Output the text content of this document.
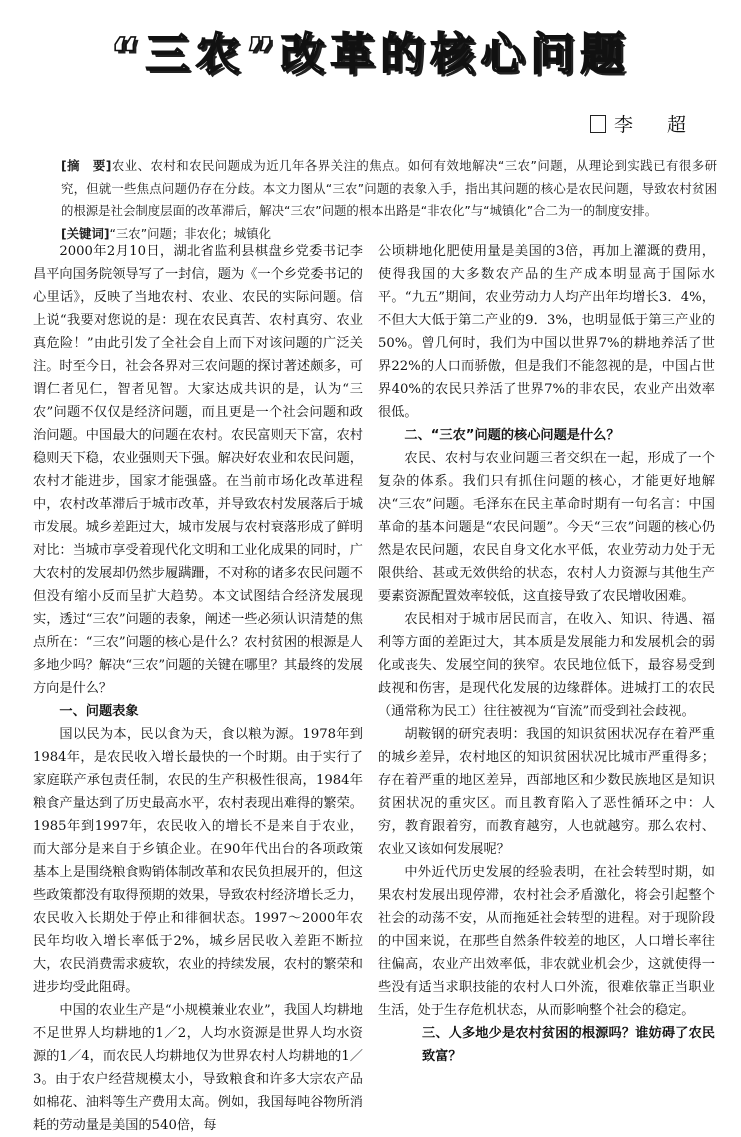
“三农”改革的核心问题
李 超

[摘　要]农业、农村和农民问题成为近几年各界关注的焦点。如何有效地解决“三农”问题，从理论到实践已有很多研究，但就一些焦点问题仍存在分歧。本文力图从“三农”问题的表象入手，指出其问题的核心是农民问题，导致农村贫困的根源是社会制度层面的改革滞后，解决“三农”问题的根本出路是“非农化”与“城镇化”合二为一的制度安排。

[关键词]“三农”问题；非农化；城镇化

2000年2月10日，湖北省监利县棋盘乡党委书记李昌平向国务院领导写了一封信，题为《一个乡党委书记的心里话》，反映了当地农村、农业、农民的实际问题。信上说“我要对您说的是：现在农民真苦、农村真穷、农业真危险！”由此引发了全社会自上而下对该问题的广泛关注。时至今日，社会各界对三农问题的探讨著述颇多，可谓仁者见仁，智者见智。大家达成共识的是，认为“三农”问题不仅仅是经济问题，而且更是一个社会问题和政治问题。中国最大的问题在农村。农民富则天下富，农村稳则天下稳，农业强则天下强。解决好农业和农民问题，农村才能进步，国家才能强盛。在当前市场化改革进程中，农村改革滞后于城市改革，并导致农村发展落后于城市发展。城乡差距过大，城市发展与农村衰落形成了鲜明对比：当城市享受着现代化文明和工业化成果的同时，广大农村的发展却仍然步履蹒跚，不对称的诸多农民问题不但没有缩小反而呈扩大趋势。本文试图结合经济发展现实，透过“三农”问题的表象，阐述一些必须认识清楚的焦点所在：“三农”问题的核心是什么？农村贫困的根源是人多地少吗？解决“三农”问题的关键在哪里？其最终的发展方向是什么？

一、问题表象

国以民为本，民以食为天，食以粮为源。1978年到1984年，是农民收入增长最快的一个时期。由于实行了家庭联产承包责任制，农民的生产积极性很高，1984年粮食产量达到了历史最高水平，农村表现出难得的繁荣。1985年到1997年，农民收入的增长不是来自于农业，而大部分是来自于乡镇企业。在90年代出台的各项政策基本上是围绕粮食购销体制改革和农民负担展开的，但这些政策都没有取得预期的效果，导致农村经济增长乏力，农民收入长期处于停止和徘徊状态。1997～2000年农民年均收入增长率低于2%，城乡居民收入差距不断拉大，农民消费需求疲软，农业的持续发展，农村的繁荣和进步均受此阻碍。

中国的农业生产是“小规模兼业农业”，我国人均耕地不足世界人均耕地的1／2，人均水资源是世界人均水资源的1／4，而农民人均耕地仅为世界农村人均耕地的1／3。由于农户经营规模太小，导致粮食和许多大宗农产品如棉花、油料等生产费用太高。例如，我国每吨谷物所消耗的劳动量是美国的540倍，每

公顷耕地化肥使用量是美国的3倍，再加上灌溉的费用，使得我国的大多数农产品的生产成本明显高于国际水平。“九五”期间，农业劳动力人均产出年均增长3．4%，不但大大低于第二产业的9．3%，也明显低于第三产业的50%。曾几何时，我们为中国以世界7%的耕地养活了世界22%的人口而骄傲，但是我们不能忽视的是，中国占世界40%的农民只养活了世界7%的非农民，农业产出效率很低。

二、“三农”问题的核心问题是什么？

农民、农村与农业问题三者交织在一起，形成了一个复杂的体系。我们只有抓住问题的核心，才能更好地解决“三农”问题。毛泽东在民主革命时期有一句名言：中国革命的基本问题是“农民问题”。今天“三农”问题的核心仍然是农民问题，农民自身文化水平低，农业劳动力处于无限供给、甚或无效供给的状态，农村人力资源与其他生产要素资源配置效率较低，这直接导致了农民增收困难。

农民相对于城市居民而言，在收入、知识、待遇、福利等方面的差距过大，其本质是发展能力和发展机会的弱化或丧失、发展空间的狭窄。农民地位低下，最容易受到歧视和伤害，是现代化发展的边缘群体。进城打工的农民（通常称为民工）往往被视为“盲流”而受到社会歧视。

胡鞍钢的研究表明：我国的知识贫困状况存在着严重的城乡差异，农村地区的知识贫困状况比城市严重得多；存在着严重的地区差异，西部地区和少数民族地区是知识贫困状况的重灾区。而且教育陷入了恶性循环之中：人穷，教育跟着穷，而教育越穷，人也就越穷。那么农村、农业又该如何发展呢？

中外近代历史发展的经验表明，在社会转型时期，如果农村发展出现停滞，农村社会矛盾激化，将会引起整个社会的动荡不安，从而拖延社会转型的进程。对于现阶段的中国来说，在那些自然条件较差的地区，人口增长率往往偏高，农业产出效率低，非农就业机会少，这就使得一些没有适当求职技能的农村人口外流，很难依靠正当职业生活，处于生存危机状态，从而影响整个社会的稳定。

三、人多地少是农村贫困的根源吗？谁妨碍了农民致富？
